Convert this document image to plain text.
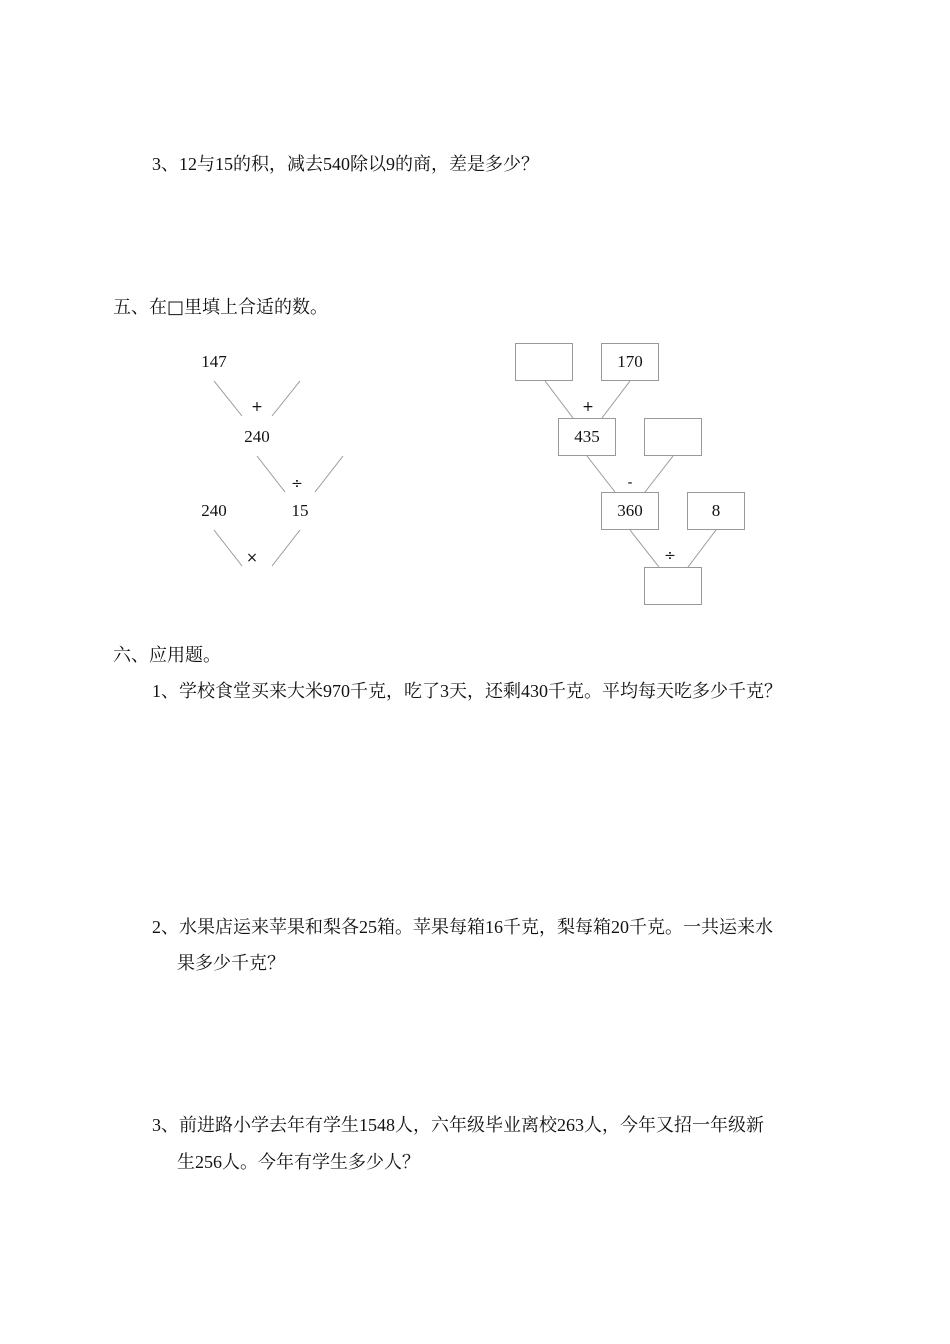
3、12与15的积，减去540除以9的商，差是多少？
五、在□里填上合适的数。
147
+
240
÷
240	15
×
170
+
435
-
360	8
÷
六、应用题。
1、学校食堂买来大米970千克，吃了3天，还剩430千克。平均每天吃多少千克？
2、水果店运来苹果和梨各25箱。苹果每箱16千克，梨每箱20千克。一共运来水
果多少千克？
3、前进路小学去年有学生1548人，六年级毕业离校263人，今年又招一年级新
生256人。今年有学生多少人？
